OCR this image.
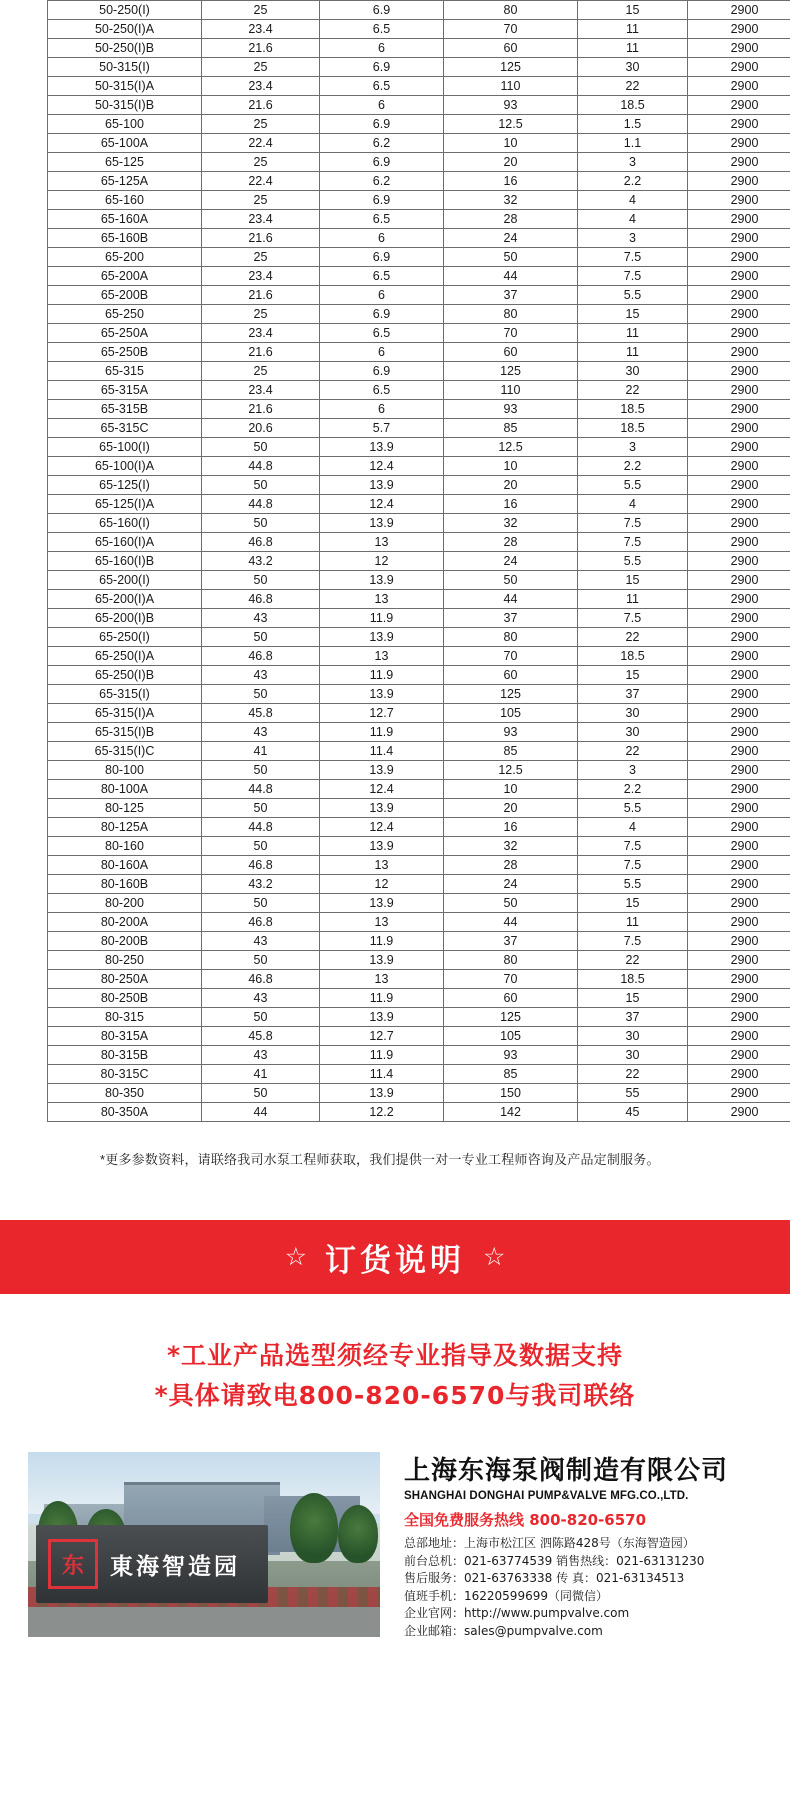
50-250(I)	25	6.9	80	15	2900
50-250(I)A	23.4	6.5	70	11	2900
50-250(I)B	21.6	6	60	11	2900
50-315(I)	25	6.9	125	30	2900
50-315(I)A	23.4	6.5	110	22	2900
50-315(I)B	21.6	6	93	18.5	2900
65-100	25	6.9	12.5	1.5	2900
65-100A	22.4	6.2	10	1.1	2900
65-125	25	6.9	20	3	2900
65-125A	22.4	6.2	16	2.2	2900
65-160	25	6.9	32	4	2900
65-160A	23.4	6.5	28	4	2900
65-160B	21.6	6	24	3	2900
65-200	25	6.9	50	7.5	2900
65-200A	23.4	6.5	44	7.5	2900
65-200B	21.6	6	37	5.5	2900
65-250	25	6.9	80	15	2900
65-250A	23.4	6.5	70	11	2900
65-250B	21.6	6	60	11	2900
65-315	25	6.9	125	30	2900
65-315A	23.4	6.5	110	22	2900
65-315B	21.6	6	93	18.5	2900
65-315C	20.6	5.7	85	18.5	2900
65-100(I)	50	13.9	12.5	3	2900
65-100(I)A	44.8	12.4	10	2.2	2900
65-125(I)	50	13.9	20	5.5	2900
65-125(I)A	44.8	12.4	16	4	2900
65-160(I)	50	13.9	32	7.5	2900
65-160(I)A	46.8	13	28	7.5	2900
65-160(I)B	43.2	12	24	5.5	2900
65-200(I)	50	13.9	50	15	2900
65-200(I)A	46.8	13	44	11	2900
65-200(I)B	43	11.9	37	7.5	2900
65-250(I)	50	13.9	80	22	2900
65-250(I)A	46.8	13	70	18.5	2900
65-250(I)B	43	11.9	60	15	2900
65-315(I)	50	13.9	125	37	2900
65-315(I)A	45.8	12.7	105	30	2900
65-315(I)B	43	11.9	93	30	2900
65-315(I)C	41	11.4	85	22	2900
80-100	50	13.9	12.5	3	2900
80-100A	44.8	12.4	10	2.2	2900
80-125	50	13.9	20	5.5	2900
80-125A	44.8	12.4	16	4	2900
80-160	50	13.9	32	7.5	2900
80-160A	46.8	13	28	7.5	2900
80-160B	43.2	12	24	5.5	2900
80-200	50	13.9	50	15	2900
80-200A	46.8	13	44	11	2900
80-200B	43	11.9	37	7.5	2900
80-250	50	13.9	80	22	2900
80-250A	46.8	13	70	18.5	2900
80-250B	43	11.9	60	15	2900
80-315	50	13.9	125	37	2900
80-315A	45.8	12.7	105	30	2900
80-315B	43	11.9	93	30	2900
80-315C	41	11.4	85	22	2900
80-350	50	13.9	150	55	2900
80-350A	44	12.2	142	45	2900
*更多参数资料，请联络我司水泵工程师获取，我们提供一对一专业工程师咨询及产品定制服务。
☆ 订货说明 ☆
*工业产品选型须经专业指导及数据支持
*具体请致电800-820-6570与我司联络
东	東海智造园
上海东海泵阀制造有限公司
SHANGHAI DONGHAI PUMP&VALVE MFG.CO.,LTD.
全国免费服务热线 800-820-6570
总部地址：上海市松江区 泗陈路428号（东海智造园）
前台总机：021-63774539 销售热线：021-63131230
售后服务：021-63763338 传 真：021-63134513
值班手机：16220599699（同微信）
企业官网：http://www.pumpvalve.com
企业邮箱：sales@pumpvalve.com
